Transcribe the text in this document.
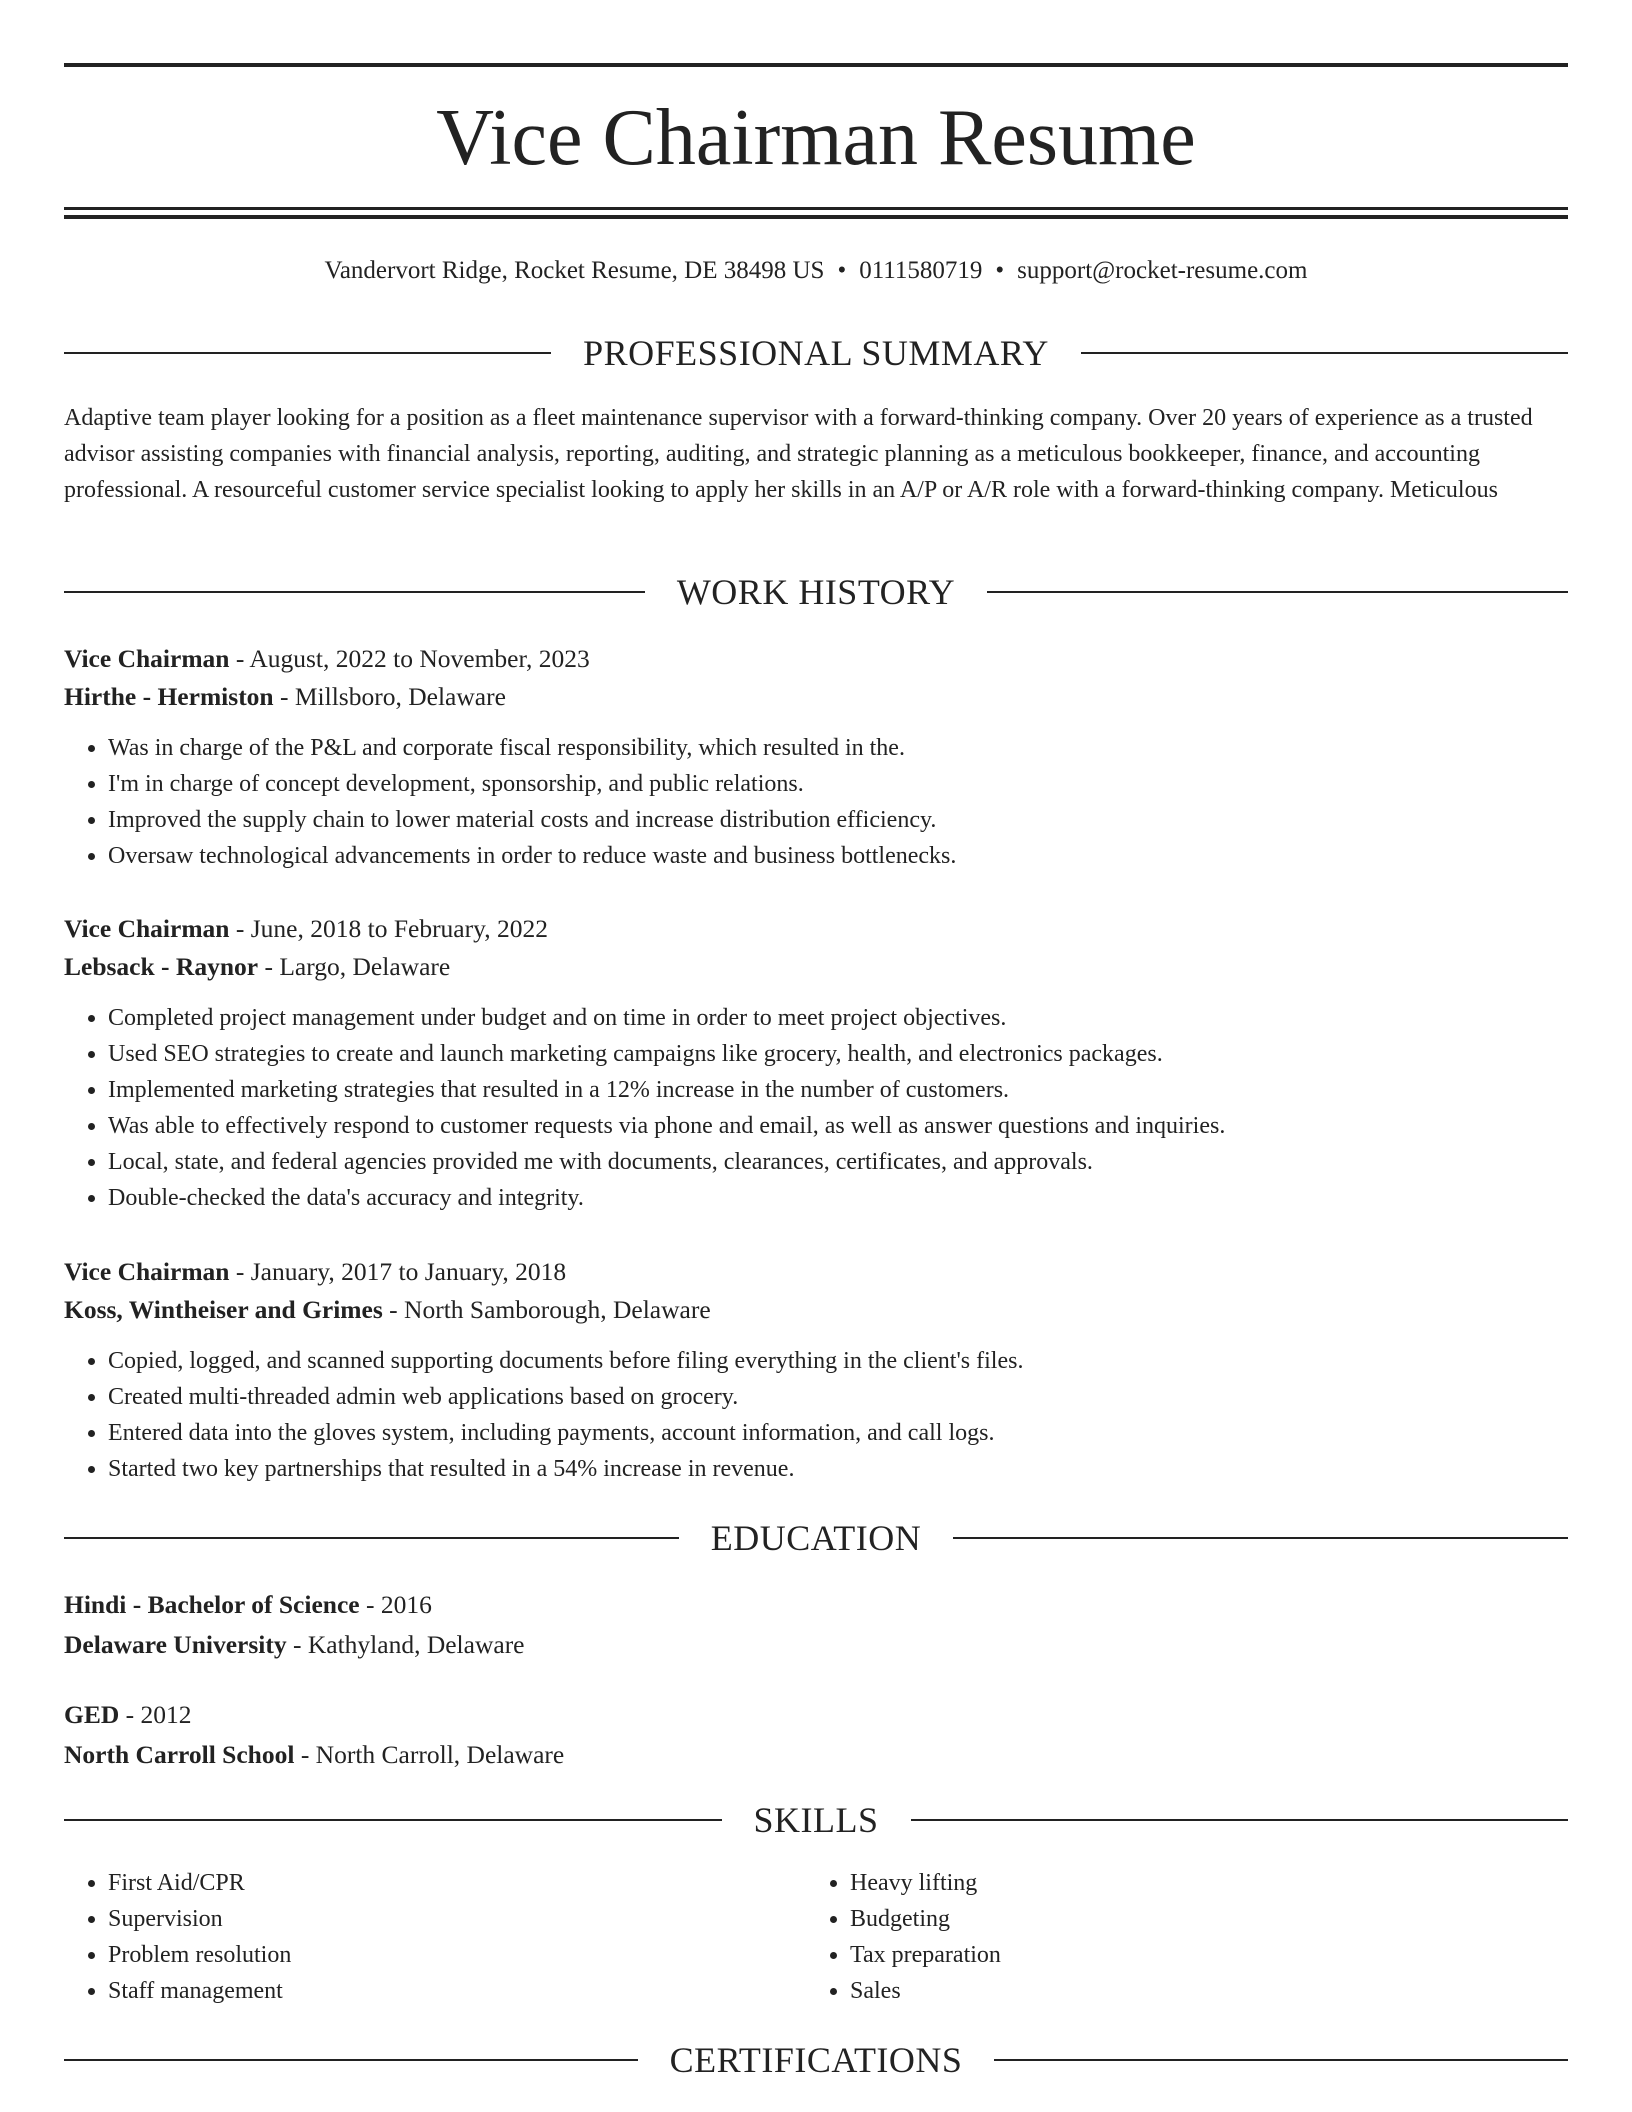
Vice Chairman Resume
Vandervort Ridge, Rocket Resume, DE 38498 US • 0111580719 • support@rocket-resume.com
PROFESSIONAL SUMMARY

Adaptive team player looking for a position as a fleet maintenance supervisor with a forward-thinking company. Over 20 years of experience as a trusted advisor assisting companies with financial analysis, reporting, auditing, and strategic planning as a meticulous bookkeeper, finance, and accounting professional. A resourceful customer service specialist looking to apply her skills in an A/P or A/R role with a forward-thinking company. Meticulous

WORK HISTORY

Vice Chairman - August, 2022 to November, 2023

Hirthe - Hermiston - Millsboro, Delaware

• Was in charge of the P&L and corporate fiscal responsibility, which resulted in the.
• I'm in charge of concept development, sponsorship, and public relations.
• Improved the supply chain to lower material costs and increase distribution efficiency.
• Oversaw technological advancements in order to reduce waste and business bottlenecks.

Vice Chairman - June, 2018 to February, 2022

Lebsack - Raynor - Largo, Delaware

• Completed project management under budget and on time in order to meet project objectives.
• Used SEO strategies to create and launch marketing campaigns like grocery, health, and electronics packages.
• Implemented marketing strategies that resulted in a 12% increase in the number of customers.
• Was able to effectively respond to customer requests via phone and email, as well as answer questions and inquiries.
• Local, state, and federal agencies provided me with documents, clearances, certificates, and approvals.
• Double-checked the data's accuracy and integrity.

Vice Chairman - January, 2017 to January, 2018

Koss, Wintheiser and Grimes - North Samborough, Delaware

• Copied, logged, and scanned supporting documents before filing everything in the client's files.
• Created multi-threaded admin web applications based on grocery.
• Entered data into the gloves system, including payments, account information, and call logs.
• Started two key partnerships that resulted in a 54% increase in revenue.
EDUCATION

Hindi - Bachelor of Science - 2016

Delaware University - Kathyland, Delaware

GED - 2012

North Carroll School - North Carroll, Delaware

SKILLS
• First Aid/CPR
• Supervision
• Problem resolution
• Staff management
• Heavy lifting
• Budgeting
• Tax preparation
• Sales
CERTIFICATIONS
